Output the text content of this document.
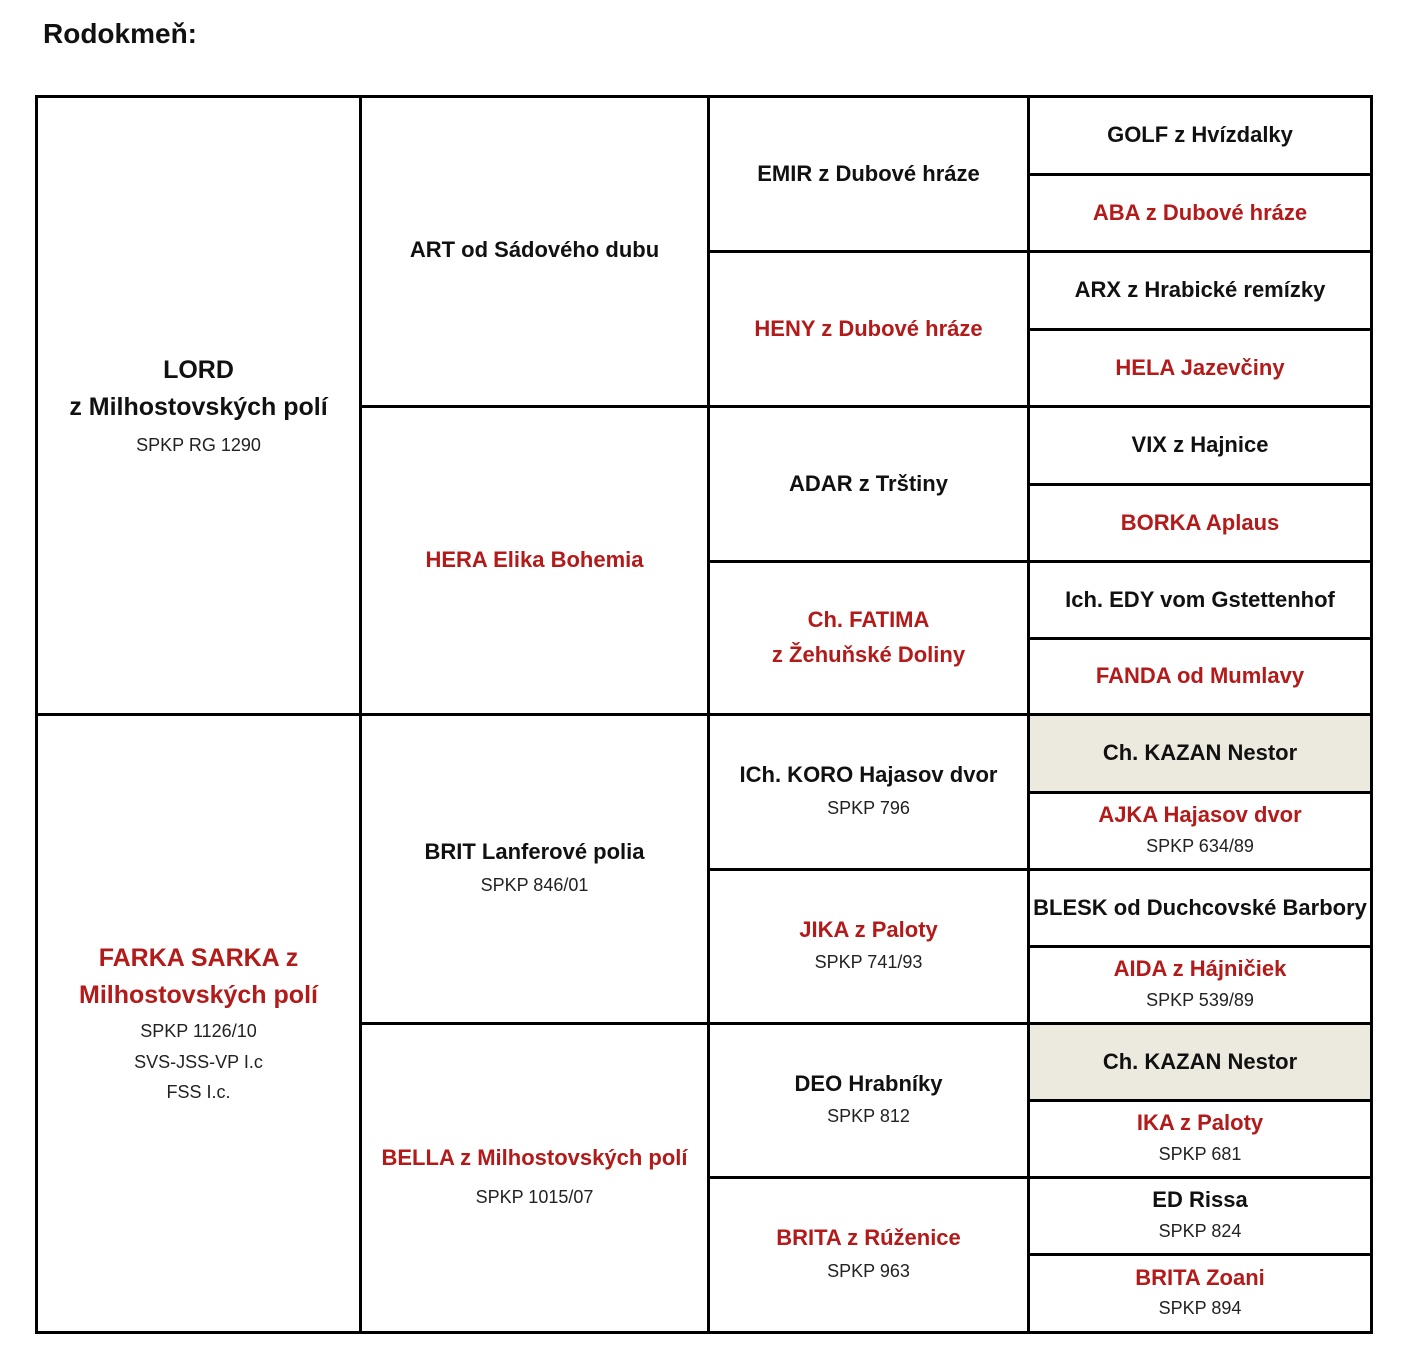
Rodokmeň:
LORD
z Milhostovských polí
SPKP RG 1290
FARKA SARKA z
Milhostovských polí
SPKP 1126/10
SVS-JSS-VP I.c
FSS I.c.
ART od Sádového dubu
HERA Elika Bohemia
BRIT Lanferové polia
SPKP 846/01
BELLA z Milhostovských polí
SPKP 1015/07
EMIR z Dubové hráze
HENY z Dubové hráze
ADAR z Trštiny
Ch. FATIMA
z Žehuňské Doliny
ICh. KORO Hajasov dvor
SPKP 796
JIKA z Paloty
SPKP 741/93
DEO Hrabníky
SPKP 812
BRITA z Rúženice
SPKP 963
GOLF z Hvízdalky
ABA z Dubové hráze
ARX z Hrabické remízky
HELA Jazevčiny
VIX z Hajnice
BORKA Aplaus
Ich. EDY vom Gstettenhof
FANDA od Mumlavy
Ch. KAZAN Nestor
AJKA Hajasov dvor
SPKP 634/89
BLESK od Duchcovské Barbory
AIDA z Hájničiek
SPKP 539/89
Ch. KAZAN Nestor
IKA z Paloty
SPKP 681
ED Rissa
SPKP 824
BRITA Zoani
SPKP 894
